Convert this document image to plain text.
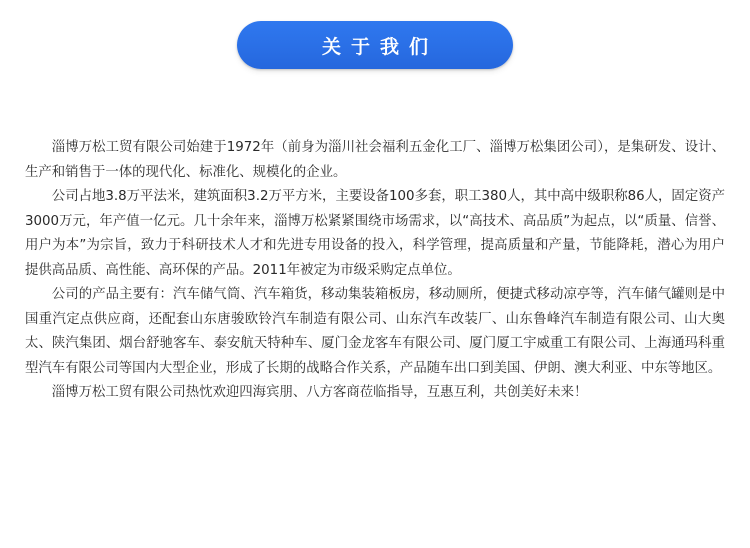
关于我们

淄博万松工贸有限公司始建于1972年（前身为淄川社会福利五金化工厂、淄博万松集团公司），是集研发、设计、生产和销售于一体的现代化、标准化、规模化的企业。

公司占地3.8万平法米，建筑面积3.2万平方米，主要设备100多套，职工380人，其中高中级职称86人，固定资产3000万元，年产值一亿元。几十余年来，淄博万松紧紧围绕市场需求，以“高技术、高品质”为起点，以“质量、信誉、用户为本”为宗旨，致力于科研技术人才和先进专用设备的投入，科学管理，提高质量和产量，节能降耗，潜心为用户提供高品质、高性能、高环保的产品。2011年被定为市级采购定点单位。

公司的产品主要有：汽车储气筒、汽车箱货，移动集装箱板房，移动厕所，便捷式移动凉亭等，汽车储气罐则是中国重汽定点供应商，还配套山东唐骏欧铃汽车制造有限公司、山东汽车改装厂、山东鲁峰汽车制造有限公司、山大奥太、陕汽集团、烟台舒驰客车、泰安航天特种车、厦门金龙客车有限公司、厦门厦工宇威重工有限公司、上海通玛科重型汽车有限公司等国内大型企业，形成了长期的战略合作关系，产品随车出口到美国、伊朗、澳大利亚、中东等地区。

淄博万松工贸有限公司热忱欢迎四海宾朋、八方客商莅临指导，互惠互利，共创美好未来！
